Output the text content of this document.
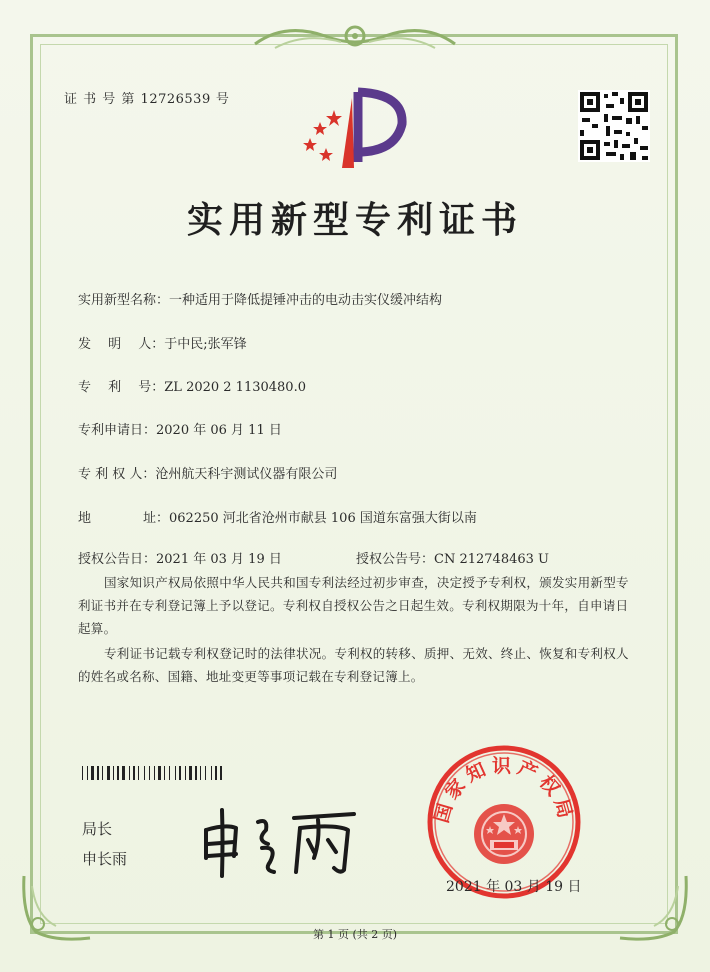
证 书 号 第 12726539 号
实用新型专利证书
实用新型名称：一种适用于降低提锤冲击的电动击实仪缓冲结构
发　 明　 人：于中民;张军锋
专　 利　 号：ZL 2020 2 1130480.0
专利申请日：2020 年 06 月 11 日
专 利 权 人：沧州航天科宇测试仪器有限公司
地　　　　址：062250 河北省沧州市献县 106 国道东富强大街以南
授权公告日：2021 年 03 月 19 日	授权公告号：CN 212748463 U
国家知识产权局依照中华人民共和国专利法经过初步审查，决定授予专利权，颁发实用新型专利证书并在专利登记簿上予以登记。专利权自授权公告之日起生效。专利权期限为十年，自申请日起算。
专利证书记载专利权登记时的法律状况。专利权的转移、质押、无效、终止、恢复和专利权人的姓名或名称、国籍、地址变更等事项记载在专利登记簿上。
局长
申长雨
国家知识产权局
2021 年 03 月 19 日
第 1 页 (共 2 页)
